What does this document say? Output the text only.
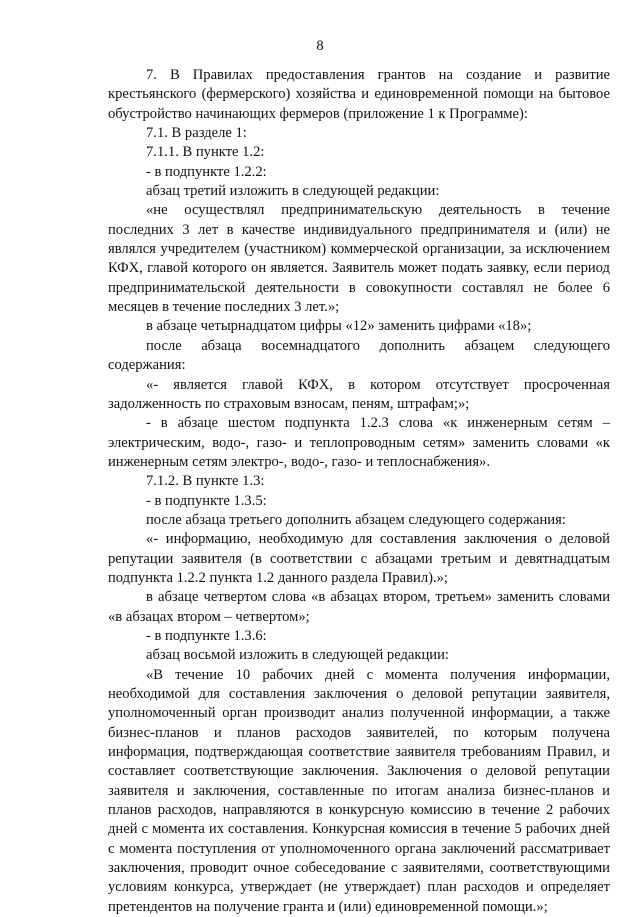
8

7. В Правилах предоставления грантов на создание и развитие крестьянского (фермерского) хозяйства и единовременной помощи на бытовое обустройство начинающих фермеров (приложение 1 к Программе):

7.1. В разделе 1:

7.1.1. В пункте 1.2:

- в подпункте 1.2.2:

абзац третий изложить в следующей редакции:

«не осуществлял предпринимательскую деятельность в течение последних 3 лет в качестве индивидуального предпринимателя и (или) не являлся учредителем (участником) коммерческой организации, за исключением КФХ, главой которого он является. Заявитель может подать заявку, если период предпринимательской деятельности в совокупности составлял не более 6 месяцев в течение последних 3 лет.»;

в абзаце четырнадцатом цифры «12» заменить цифрами «18»;

после абзаца восемнадцатого дополнить абзацем следующего содержания:

«- является главой КФХ, в котором отсутствует просроченная задолженность по страховым взносам, пеням, штрафам;»;

- в абзаце шестом подпункта 1.2.3 слова «к инженерным сетям – электрическим, водо-, газо- и теплопроводным сетям» заменить словами «к инженерным сетям электро-, водо-, газо- и теплоснабжения».

7.1.2. В пункте 1.3:

- в подпункте 1.3.5:

после абзаца третьего дополнить абзацем следующего содержания:

«- информацию, необходимую для составления заключения о деловой репутации заявителя (в соответствии с абзацами третьим и девятнадцатым подпункта 1.2.2 пункта 1.2 данного раздела Правил).»;

в абзаце четвертом слова «в абзацах втором, третьем» заменить словами «в абзацах втором – четвертом»;

- в подпункте 1.3.6:

абзац восьмой изложить в следующей редакции:

«В течение 10 рабочих дней с момента получения информации, необходимой для составления заключения о деловой репутации заявителя, уполномоченный орган производит анализ полученной информации, а также бизнес-планов и планов расходов заявителей, по которым получена информация, подтверждающая соответствие заявителя требованиям Правил, и составляет соответствующие заключения. Заключения о деловой репутации заявителя и заключения, составленные по итогам анализа бизнес-планов и планов расходов, направляются в конкурсную комиссию в течение 2 рабочих дней с момента их составления. Конкурсная комиссия в течение 5 рабочих дней с момента поступления от уполномоченного органа заключений рассматривает заключения, проводит очное собеседование с заявителями, соответствующими условиям конкурса, утверждает (не утверждает) план расходов и определяет претендентов на получение гранта и (или) единовременной помощи.»;
